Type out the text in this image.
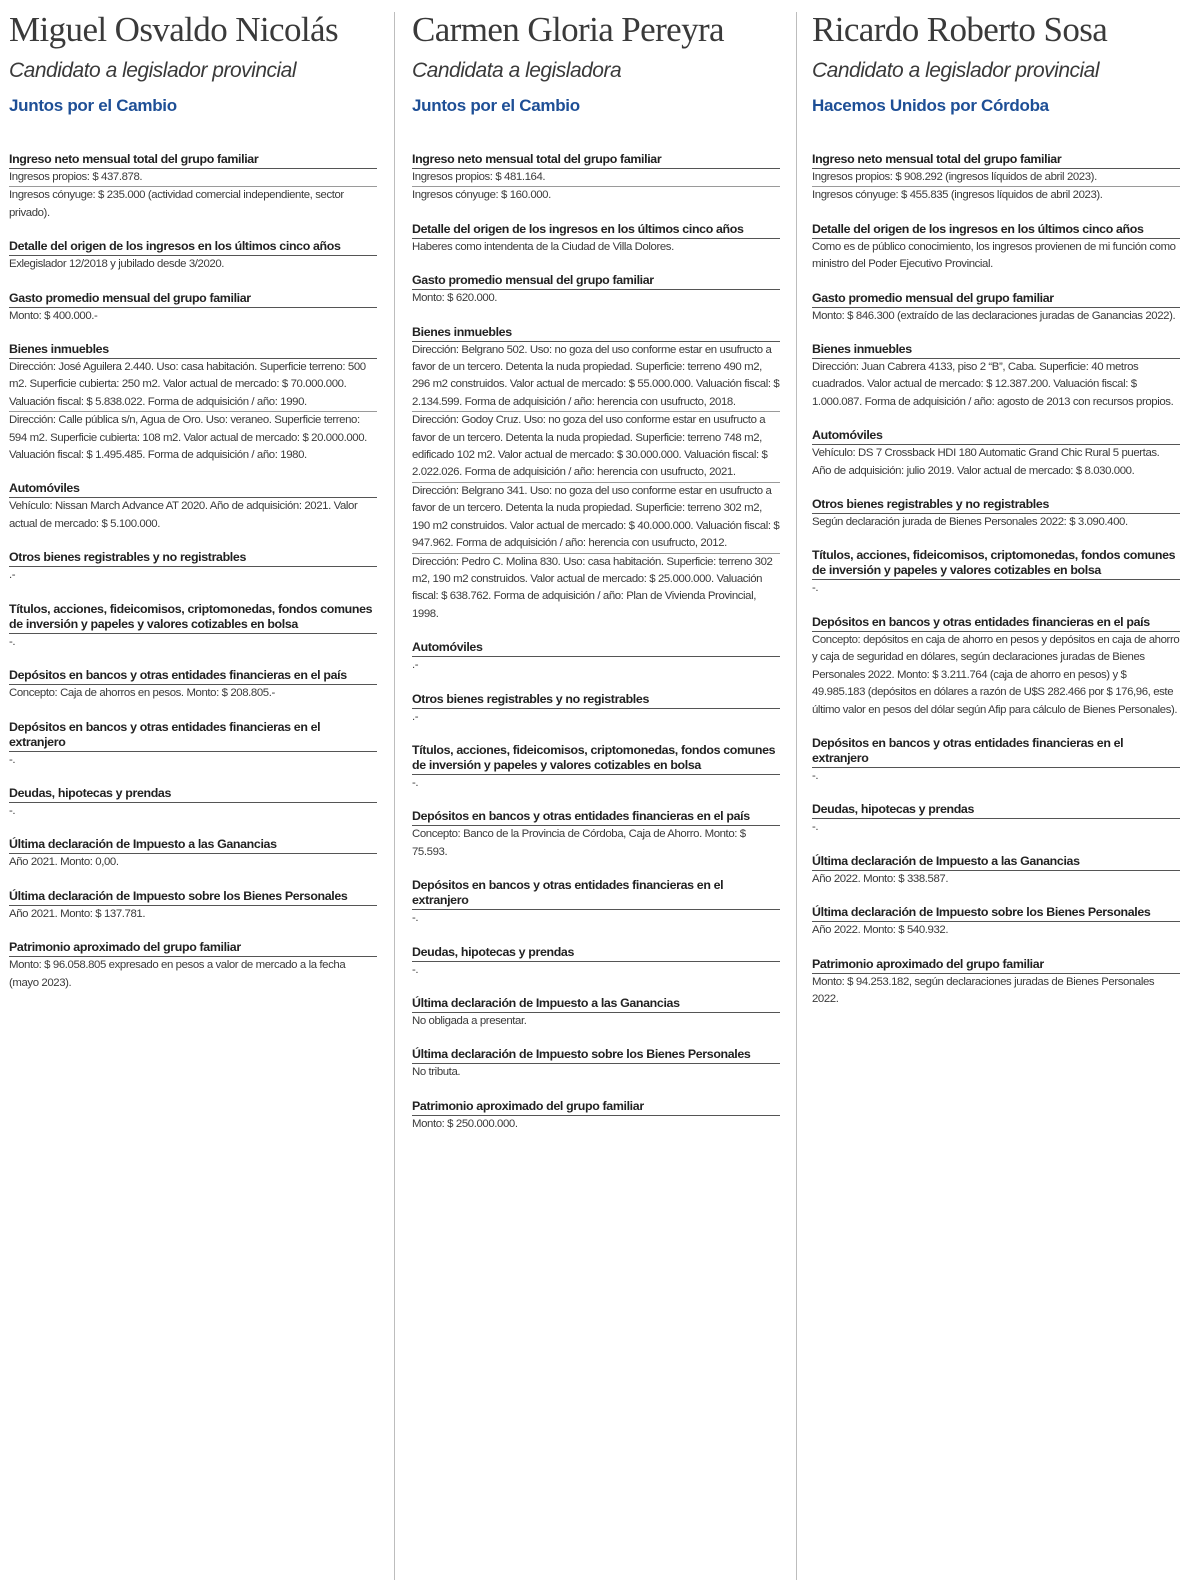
Miguel Osvaldo Nicolás
Candidato a legislador provincial
Juntos por el Cambio
Ingreso neto mensual total del grupo familiar
Ingresos propios: $ 437.878.
Ingresos cónyuge: $ 235.000 (actividad comercial independiente, sector privado).
Detalle del origen de los ingresos en los últimos cinco años
Exlegislador 12/2018 y jubilado desde 3/2020.
Gasto promedio mensual del grupo familiar
Monto: $ 400.000.-
Bienes inmuebles
Dirección: José Aguilera 2.440. Uso: casa habitación. Superficie terreno: 500 m2. Superficie cubierta: 250 m2. Valor actual de mercado: $ 70.000.000. Valuación fiscal: $ 5.838.022. Forma de adquisición / año: 1990.
Dirección: Calle pública s/n, Agua de Oro. Uso: veraneo. Superficie terreno: 594 m2. Superficie cubierta: 108 m2. Valor actual de mercado: $ 20.000.000. Valuación fiscal: $ 1.495.485. Forma de adquisición / año: 1980.
Automóviles
Vehículo: Nissan March Advance AT 2020. Año de adquisición: 2021. Valor actual de mercado: $ 5.100.000.
Otros bienes registrables y no registrables
.-
Títulos, acciones, fideicomisos, criptomonedas, fondos comunes de inversión y papeles y valores cotizables en bolsa
-.
Depósitos en bancos y otras entidades financieras en el país
Concepto: Caja de ahorros en pesos. Monto: $ 208.805.-
Depósitos en bancos y otras entidades financieras en el extranjero
-.
Deudas, hipotecas y prendas
-.
Última declaración de Impuesto a las Ganancias
Año 2021. Monto: 0,00.
Última declaración de Impuesto sobre los Bienes Personales
Año 2021. Monto: $ 137.781.
Patrimonio aproximado del grupo familiar
Monto: $ 96.058.805 expresado en pesos a valor de mercado a la fecha (mayo 2023).
Carmen Gloria Pereyra
Candidata a legisladora
Juntos por el Cambio
Ingreso neto mensual total del grupo familiar
Ingresos propios: $ 481.164.
Ingresos cónyuge: $ 160.000.
Detalle del origen de los ingresos en los últimos cinco años
Haberes como intendenta de la Ciudad de Villa Dolores.
Gasto promedio mensual del grupo familiar
Monto: $ 620.000.
Bienes inmuebles
Dirección: Belgrano 502. Uso: no goza del uso conforme estar en usufructo a favor de un tercero. Detenta la nuda propiedad. Superficie: terreno 490 m2, 296 m2 construidos. Valor actual de mercado: $ 55.000.000. Valuación fiscal: $ 2.134.599. Forma de adquisición / año: herencia con usufructo, 2018.
Dirección: Godoy Cruz. Uso: no goza del uso conforme estar en usufructo a favor de un tercero. Detenta la nuda propiedad. Superficie: terreno 748 m2, edificado 102 m2. Valor actual de mercado: $ 30.000.000. Valuación fiscal: $ 2.022.026. Forma de adquisición / año: herencia con usufructo, 2021.
Dirección: Belgrano 341. Uso: no goza del uso conforme estar en usufructo a favor de un tercero. Detenta la nuda propiedad. Superficie: terreno 302 m2, 190 m2 construidos. Valor actual de mercado: $ 40.000.000. Valuación fiscal: $ 947.962. Forma de adquisición / año: herencia con usufructo, 2012.
Dirección: Pedro C. Molina 830. Uso: casa habitación. Superficie: terreno 302 m2, 190 m2 construidos. Valor actual de mercado: $ 25.000.000. Valuación fiscal: $ 638.762. Forma de adquisición / año: Plan de Vivienda Provincial, 1998.
Automóviles
.-
Otros bienes registrables y no registrables
.-
Títulos, acciones, fideicomisos, criptomonedas, fondos comunes de inversión y papeles y valores cotizables en bolsa
-.
Depósitos en bancos y otras entidades financieras en el país
Concepto: Banco de la Provincia de Córdoba, Caja de Ahorro. Monto: $ 75.593.
Depósitos en bancos y otras entidades financieras en el extranjero
-.
Deudas, hipotecas y prendas
-.
Última declaración de Impuesto a las Ganancias
No obligada a presentar.
Última declaración de Impuesto sobre los Bienes Personales
No tributa.
Patrimonio aproximado del grupo familiar
Monto: $ 250.000.000.
Ricardo Roberto Sosa
Candidato a legislador provincial
Hacemos Unidos por Córdoba
Ingreso neto mensual total del grupo familiar
Ingresos propios: $ 908.292 (ingresos líquidos de abril 2023).
Ingresos cónyuge: $ 455.835 (ingresos líquidos de abril 2023).
Detalle del origen de los ingresos en los últimos cinco años
Como es de público conocimiento, los ingresos provienen de mi función como ministro del Poder Ejecutivo Provincial.
Gasto promedio mensual del grupo familiar
Monto: $ 846.300 (extraído de las declaraciones juradas de Ganancias 2022).
Bienes inmuebles
Dirección: Juan Cabrera 4133, piso 2 “B”, Caba. Superficie: 40 metros cuadrados. Valor actual de mercado: $ 12.387.200. Valuación fiscal: $ 1.000.087. Forma de adquisición / año: agosto de 2013 con recursos propios.
Automóviles
Vehículo: DS 7 Crossback HDI 180 Automatic Grand Chic Rural 5 puertas. Año de adquisición: julio 2019. Valor actual de mercado: $ 8.030.000.
Otros bienes registrables y no registrables
Según declaración jurada de Bienes Personales 2022: $ 3.090.400.
Títulos, acciones, fideicomisos, criptomonedas, fondos comunes de inversión y papeles y valores cotizables en bolsa
-.
Depósitos en bancos y otras entidades financieras en el país
Concepto: depósitos en caja de ahorro en pesos y depósitos en caja de ahorro y caja de seguridad en dólares, según declaraciones juradas de Bienes Personales 2022. Monto: $ 3.211.764 (caja de ahorro en pesos) y $ 49.985.183 (depósitos en dólares a razón de U$S 282.466 por $ 176,96, este último valor en pesos del dólar según Afip para cálculo de Bienes Personales).
Depósitos en bancos y otras entidades financieras en el extranjero
-.
Deudas, hipotecas y prendas
-.
Última declaración de Impuesto a las Ganancias
Año 2022. Monto: $ 338.587.
Última declaración de Impuesto sobre los Bienes Personales
Año 2022. Monto: $ 540.932.
Patrimonio aproximado del grupo familiar
Monto: $ 94.253.182, según declaraciones juradas de Bienes Personales 2022.
